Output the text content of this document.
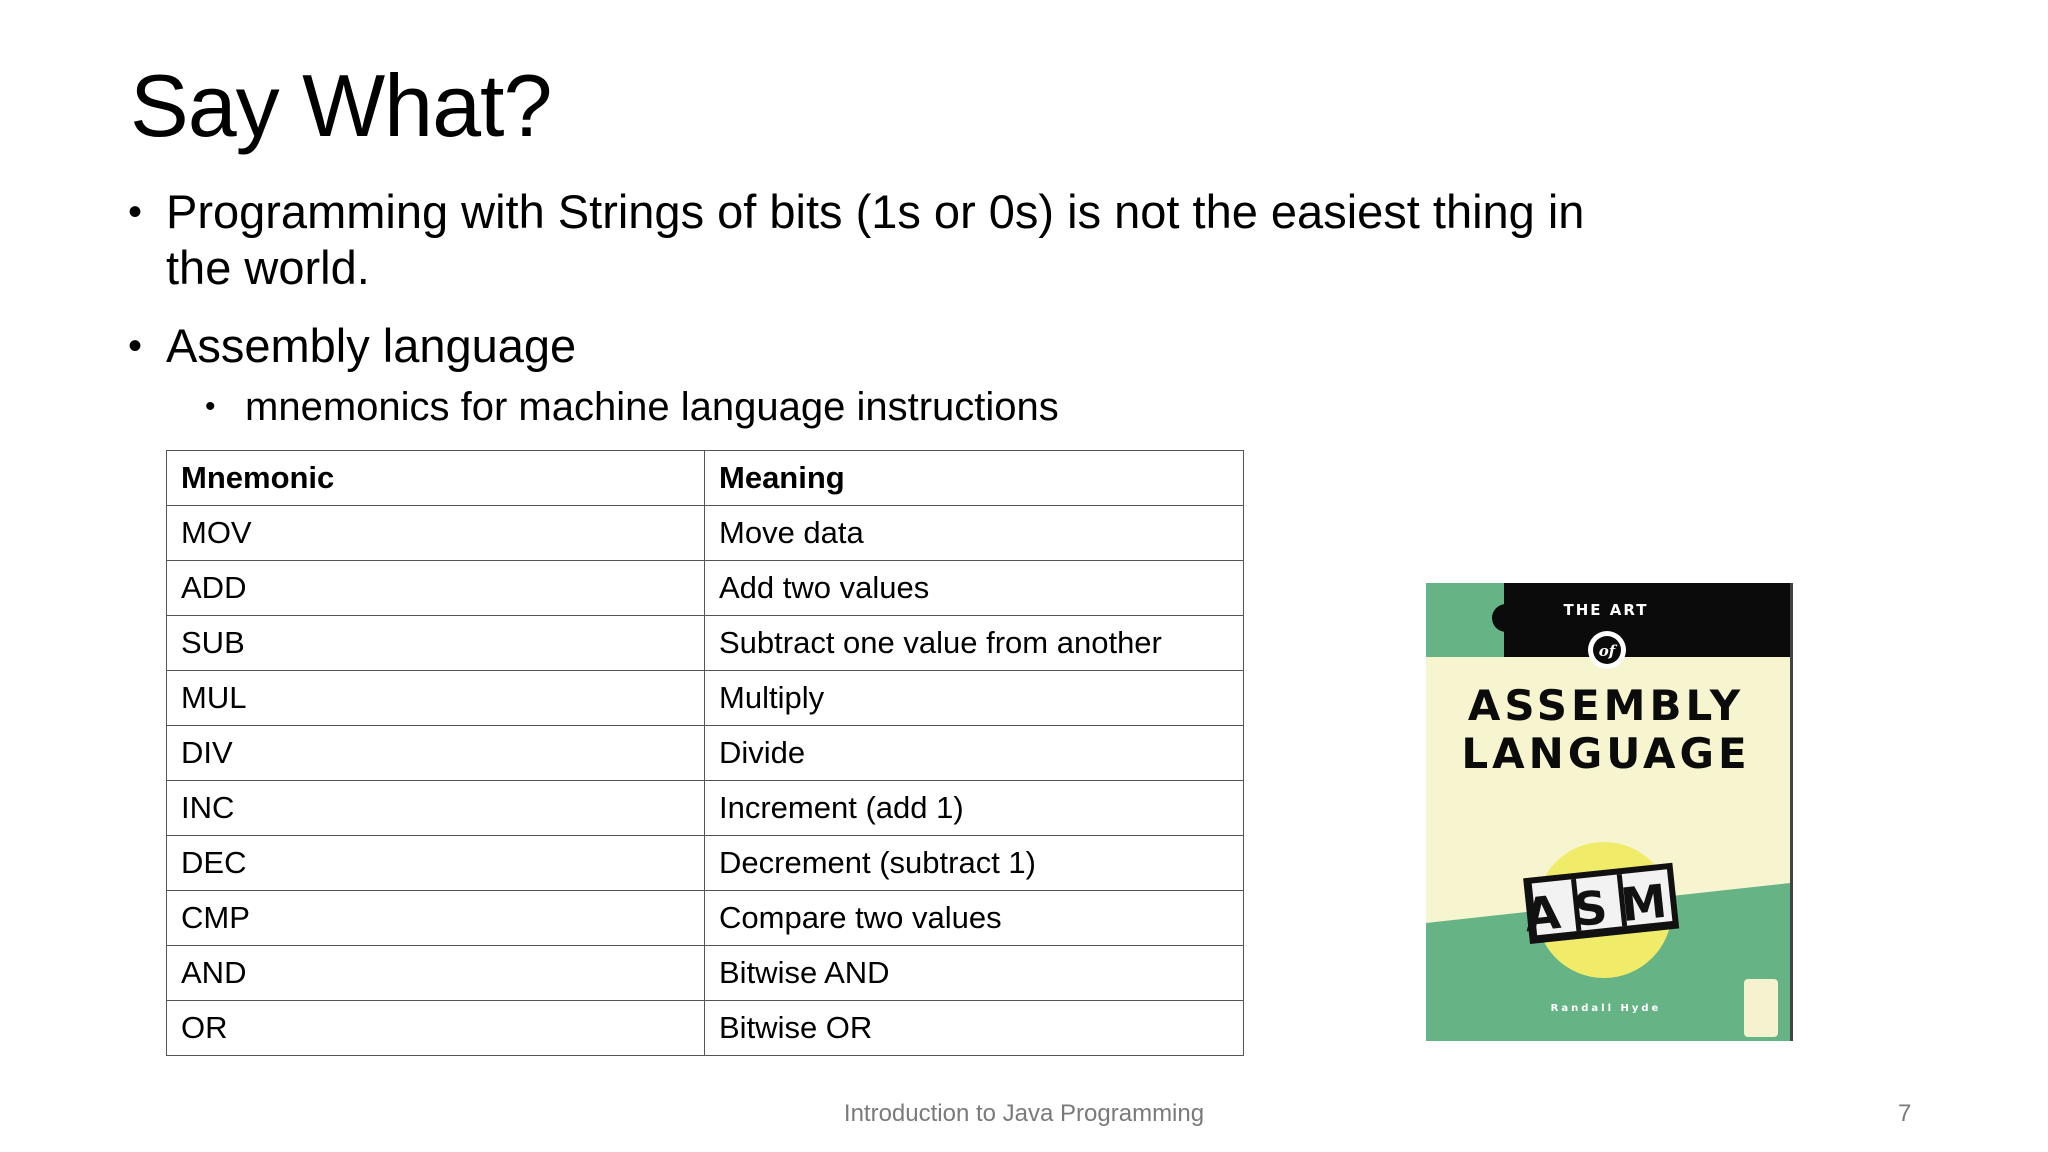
Say What?
• Programming with Strings of bits (1s or 0s) is not the easiest thing in the world.
• Assembly language
• mnemonics for machine language instructions
Mnemonic	Meaning
MOV	Move data
ADD	Add two values
SUB	Subtract one value from another
MUL	Multiply
DIV	Divide
INC	Increment (add 1)
DEC	Decrement (subtract 1)
CMP	Compare two values
AND	Bitwise AND
OR	Bitwise OR
THE ART
of
ASSEMBLY
LANGUAGE
ASM
Randall Hyde
Introduction to Java Programming	7
